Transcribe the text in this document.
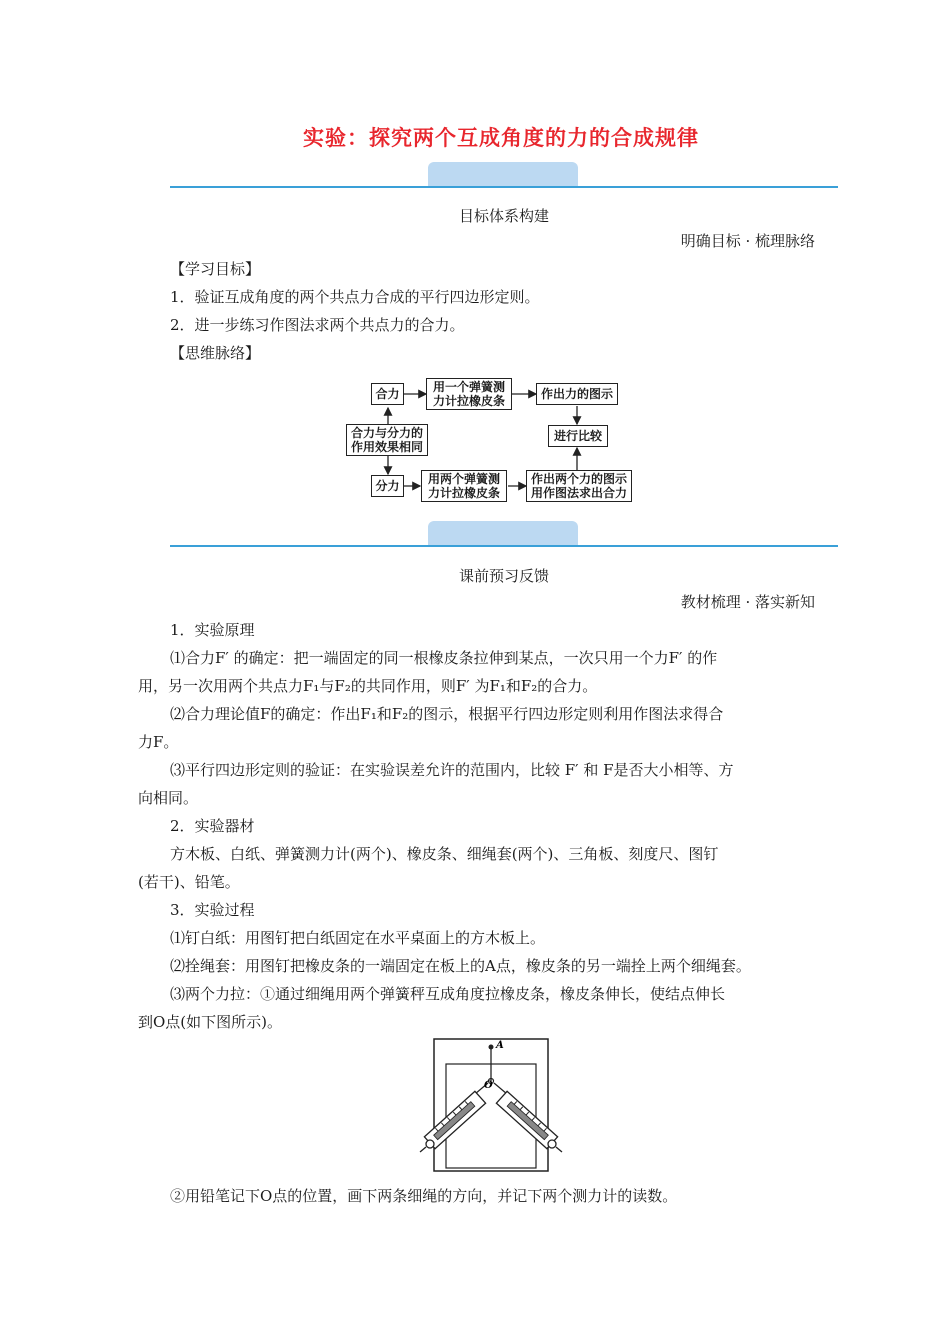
实验：探究两个互成角度的力的合成规律
目标体系构建
明确目标 · 梳理脉络
【学习目标】
1．验证互成角度的两个共点力合成的平行四边形定则。
2．进一步练习作图法求两个共点力的合力。
【思维脉络】
合力	用一个弹簧测
力计拉橡皮条	作出力的图示
合力与分力的
作用效果相同
进行比较
分力 用两个弹簧测
力计拉橡皮条
作出两个力的图示
用作图法求出合力
课前预习反馈
教材梳理 · 落实新知
1．实验原理
⑴合力F′ 的确定：把一端固定的同一根橡皮条拉伸到某点，一次只用一个力F′ 的作
用，另一次用两个共点力F₁与F₂的共同作用，则F′ 为F₁和F₂的合力。
⑵合力理论值F的确定：作出F₁和F₂的图示，根据平行四边形定则利用作图法求得合
力F。
⑶平行四边形定则的验证：在实验误差允许的范围内，比较 F′ 和 F是否大小相等、方
向相同。
2．实验器材
方木板、白纸、弹簧测力计(两个)、橡皮条、细绳套(两个)、三角板、刻度尺、图钉
(若干)、铅笔。
3．实验过程
⑴钉白纸：用图钉把白纸固定在水平桌面上的方木板上。
⑵拴绳套：用图钉把橡皮条的一端固定在板上的A点，橡皮条的另一端拴上两个细绳套。
⑶两个力拉：①通过细绳用两个弹簧秤互成角度拉橡皮条，橡皮条伸长，使结点伸长
到O点(如下图所示)。
A
O
②用铅笔记下O点的位置，画下两条细绳的方向，并记下两个测力计的读数。
